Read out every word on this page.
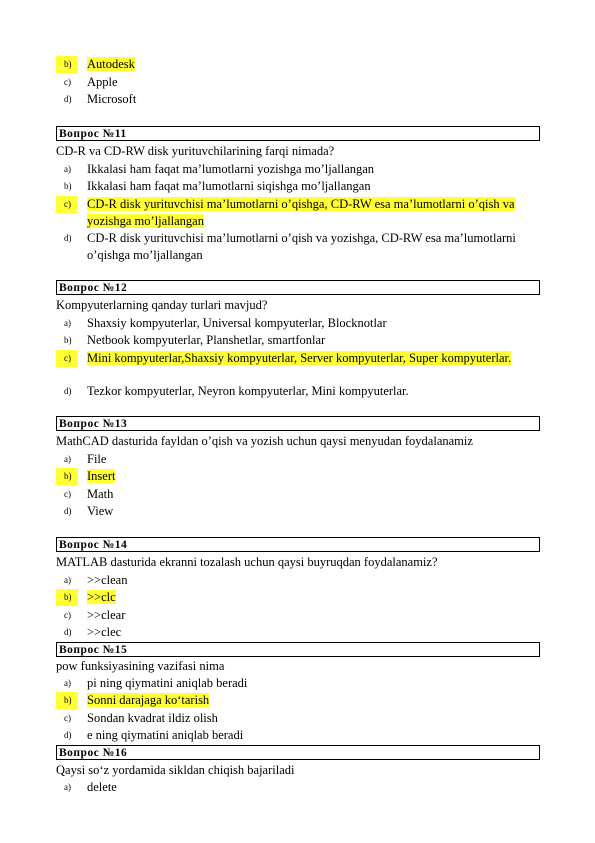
b)	Autodesk
c) Apple
d) Microsoft
Вопрос №11
CD-R va CD-RW disk yurituvchilarining farqi nimada?
a) Ikkalasi ham faqat ma’lumotlarni yozishga mo’ljallangan
b) Ikkalasi ham faqat ma’lumotlarni siqishga mo’ljallangan
c)	CD-R disk yurituvchisi ma’lumotlarni o’qishga, CD-RW esa ma’lumotlarni o’qish va yozishga mo’ljallangan
d) CD-R disk yurituvchisi ma’lumotlarni o’qish va yozishga, CD-RW esa ma’lumotlarni o’qishga mo’ljallangan
Вопрос №12
Kompyuterlarning qanday turlari mavjud?
a) Shaxsiy kompyuterlar, Universal kompyuterlar, Blocknotlar
b) Netbook kompyuterlar, Planshetlar, smartfonlar
c)	Mini kompyuterlar,Shaxsiy kompyuterlar, Server kompyuterlar, Super kompyuterlar.
d) Tezkor kompyuterlar, Neyron kompyuterlar, Mini kompyuterlar.
Вопрос №13
MathCAD dasturida fayldan o’qish va yozish uchun qaysi menyudan foydalanamiz
a) File
b)	Insert
c) Math
d) View
Вопрос №14
MATLAB dasturida ekranni tozalash uchun qaysi buyruqdan foydalanamiz?
a) >>clean
b)	>>clc
c) >>clear
d) >>clec
Вопрос №15
pow funksiyasining vazifasi nima
a) pi ning qiymatini aniqlab beradi
b)	Sonni darajaga ko‘tarish
c) Sondan kvadrat ildiz olish
d) e ning qiymatini aniqlab beradi
Вопрос №16
Qaysi so‘z yordamida sikldan chiqish bajariladi
a) delete
